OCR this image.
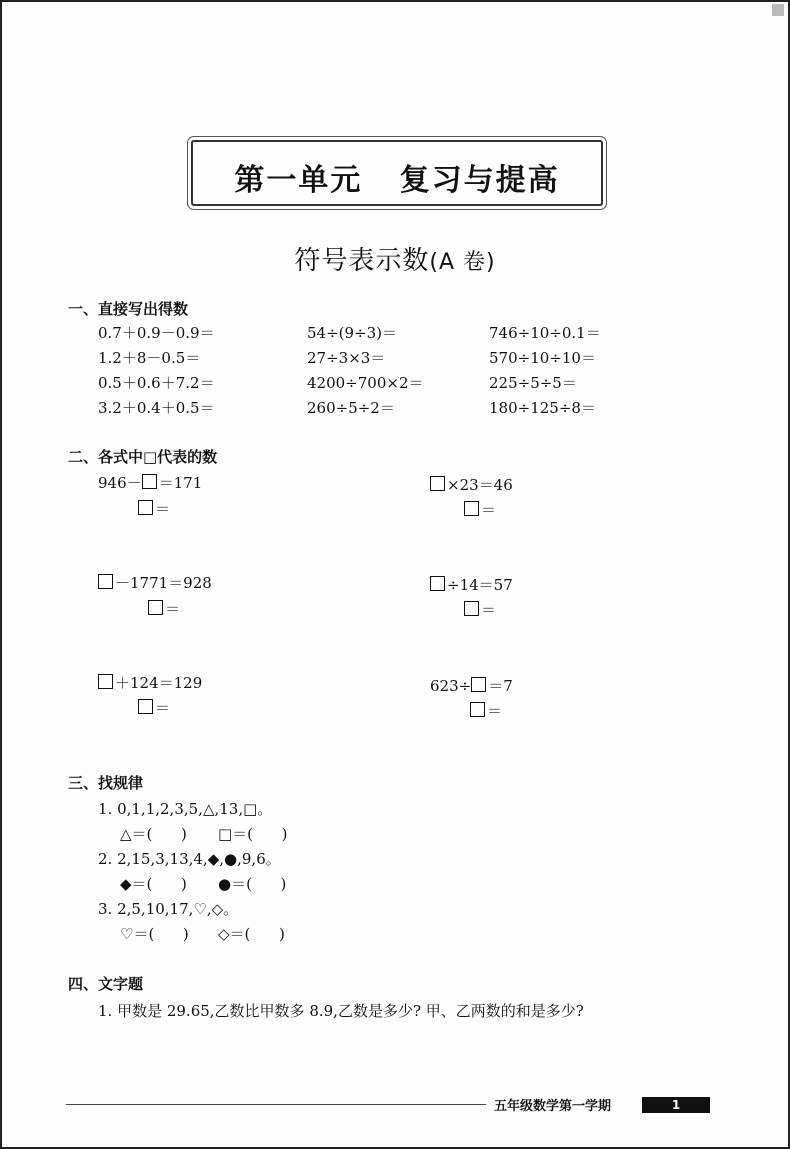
第一单元   复习与提高
符号表示数(A 卷)
一、直接写出得数
0.7＋0.9－0.9＝	54÷(9÷3)＝	746÷10÷0.1＝
1.2＋8－0.5＝	27÷3×3＝	570÷10÷10＝
0.5＋0.6＋7.2＝	4200÷700×2＝	225÷5÷5＝
3.2＋0.4＋0.5＝	260÷5÷2＝	180÷125÷8＝
二、各式中□代表的数
946－ ＝171
＝
×23＝46
＝
－1771＝928
＝
÷14＝57
＝
＋124＝129
＝
623÷ ＝7
＝
三、找规律
1. 0,1,1,2,3,5,△,13,□。
△＝(      ) □＝(      )
2. 2,15,3,13,4,◆,●,9,6。
◆＝(      ) ●＝(      )
3. 2,5,10,17,♡,◇。
♡＝(      ) ◇＝(      )
四、文字题
1. 甲数是 29.65,乙数比甲数多 8.9,乙数是多少? 甲、乙两数的和是多少?
五年级数学第一学期	1
